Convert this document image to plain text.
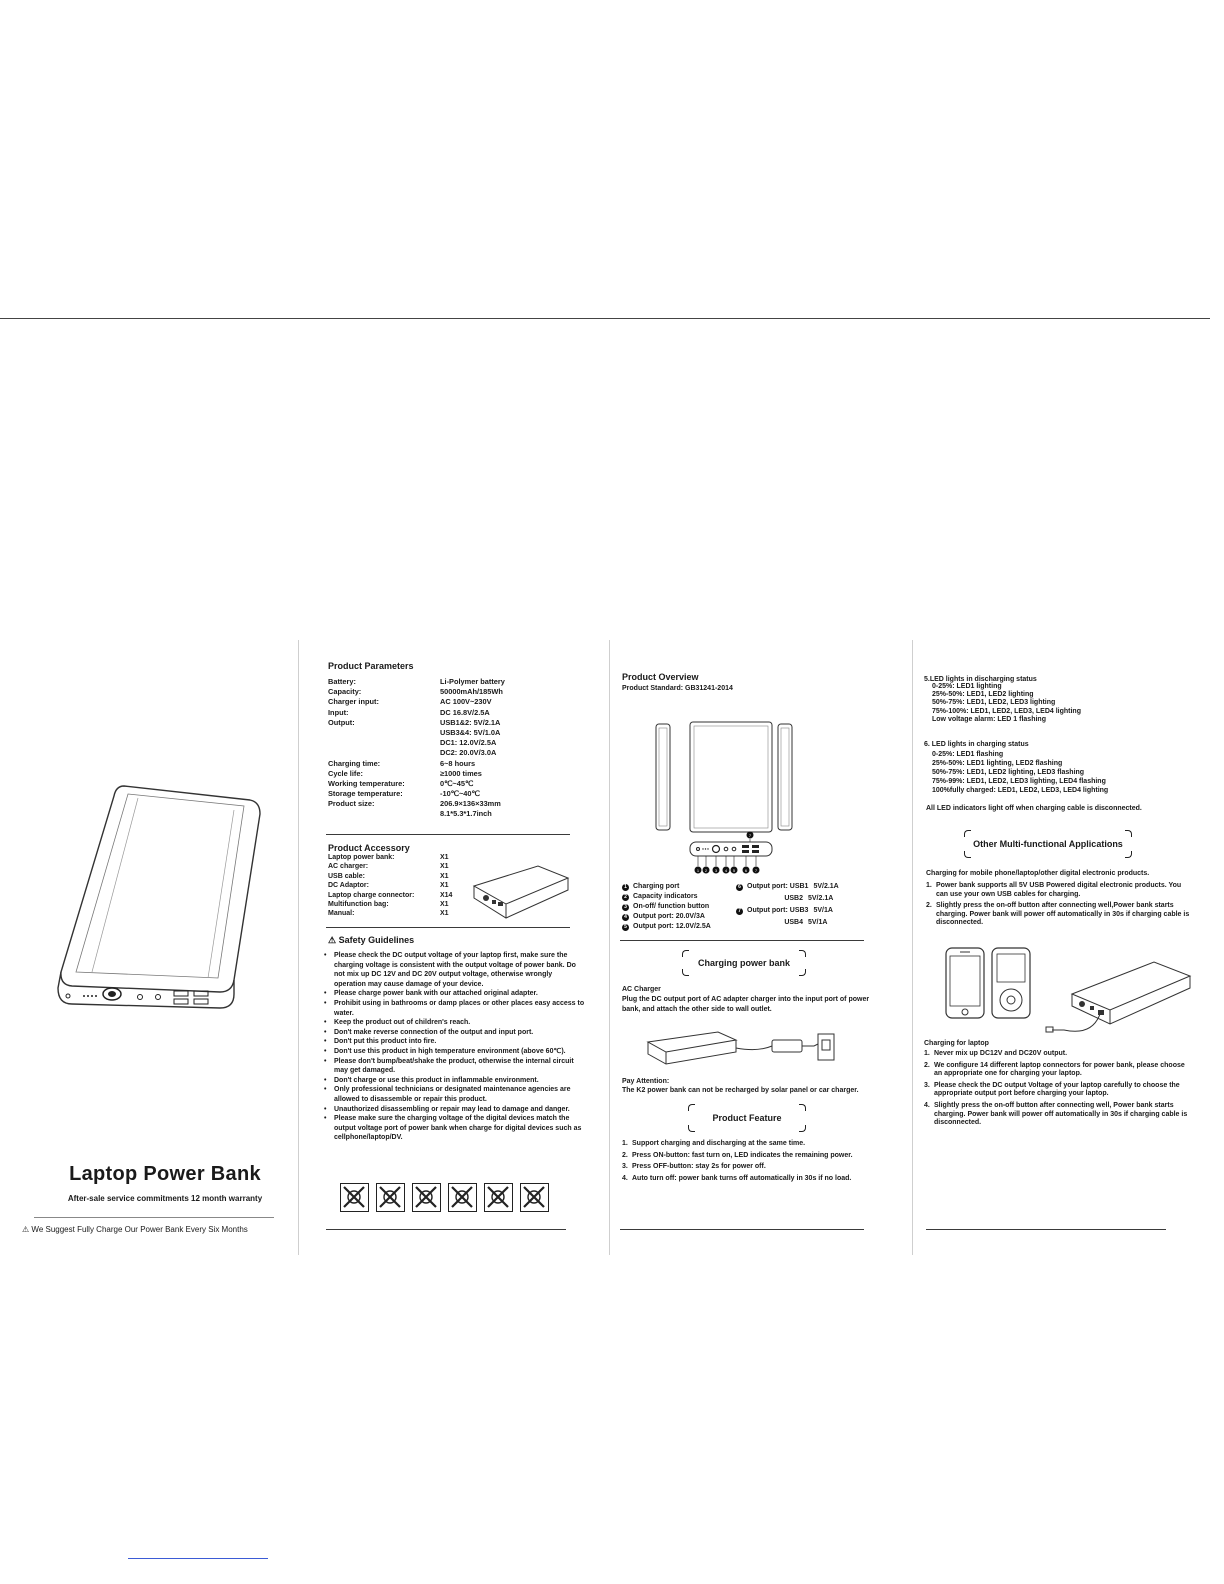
Laptop Power Bank
After-sale service commitments 12 month warranty
⚠ We Suggest Fully Charge Our Power Bank Every Six Months
Product Parameters
Battery:	Li-Polymer battery
Capacity:	50000mAh/185Wh
Charger input:	AC 100V~230V
Input:	DC 16.8V/2.5A
Output:	USB1&2: 5V/2.1A
USB3&4: 5V/1.0A
DC1: 12.0V/2.5A
DC2: 20.0V/3.0A
Charging time:	6~8 hours
Cycle life:	≥1000 times
Working temperature:	0℃~45℃
Storage temperature:	-10℃~40℃
Product size:	206.9×136×33mm
8.1*5.3*1.7inch
Product Accessory
Laptop power bank:	X1
AC charger:	X1
USB cable:	X1
DC Adaptor:	X1
Laptop charge connector:	X14
Multifunction bag:	X1
Manual:	X1
⚠ Safety Guidelines
• Please check the DC output voltage of your laptop first, make sure the charging voltage is consistent with the output voltage of power bank. Do not mix up DC 12V and DC 20V output voltage, otherwise wrongly operation may cause damage of your device.
• Please charge power bank with our attached original adapter.
• Prohibit using in bathrooms or damp places or other places easy access to water.
• Keep the product out of children's reach.
• Don't make reverse connection of the output and input port.
• Don't put this product into fire.
• Don't use this product in high temperature environment (above 60℃).
• Please don't bump/beat/shake the product, otherwise the internal circuit may get damaged.
• Don't charge or use this product in inflammable environment.
• Only professional technicians or designated maintenance agencies are allowed to disassemble or repair this product.
• Unauthorized disassembling or repair may lead to damage and danger.
• Please make sure the charging voltage of the digital devices match the output voltage port of power bank when charge for digital devices such as cellphone/laptop/DV.
Product Overview
Product Standard: GB31241-2014
7
1 2 3 4 5 6 7
1 Charging port
2 Capacity indicators
3 On-off/ function button
4 Output port: 20.0V/3A
5 Output port: 12.0V/2.5A
6 Output port: USB1 5V/2.1A
USB2 5V/2.1A
7 Output port: USB3 5V/1A
USB4 5V/1A
Charging power bank
AC Charger
Plug the DC output port of AC adapter charger into the input port of power bank, and attach the other side to wall outlet.
Pay Attention:
The K2 power bank can not be recharged by solar panel or car charger.
Product Feature
1. Support charging and discharging at the same time.
2. Press ON-button: fast turn on, LED indicates the remaining power.
3. Press OFF-button: stay 2s for power off.
4. Auto turn off: power bank turns off automatically in 30s if no load.
5.LED lights in discharging status
0-25%: LED1 lighting
25%-50%: LED1, LED2 lighting
50%-75%: LED1, LED2, LED3 lighting
75%-100%: LED1, LED2, LED3, LED4 lighting
Low voltage alarm: LED 1 flashing
6. LED lights in charging status
0-25%: LED1 flashing
25%-50%: LED1 lighting, LED2 flashing
50%-75%: LED1, LED2 lighting, LED3 flashing
75%-99%: LED1, LED2, LED3 lighting, LED4 flashing
100%fully charged: LED1, LED2, LED3, LED4 lighting
All LED indicators light off when charging cable is disconnected.
Other Multi-functional Applications
Charging for mobile phone/laptop/other digital electronic products.
1. Power bank supports all 5V USB Powered digital electronic products. You can use your own USB cables for charging.
2. Slightly press the on-off button after connecting well,Power bank starts charging. Power bank will power off automatically in 30s if charging cable is disconnected.
Charging for laptop
1. Never mix up DC12V and DC20V output.
2. We configure 14 different laptop connectors for power bank, please choose an appropriate one for charging your laptop.
3. Please check the DC output Voltage of your laptop carefully to choose the appropriate output port before charging your laptop.
4. Slightly press the on-off button after connecting well, Power bank starts charging. Power bank will power off automatically in 30s if charging cable is disconnected.
